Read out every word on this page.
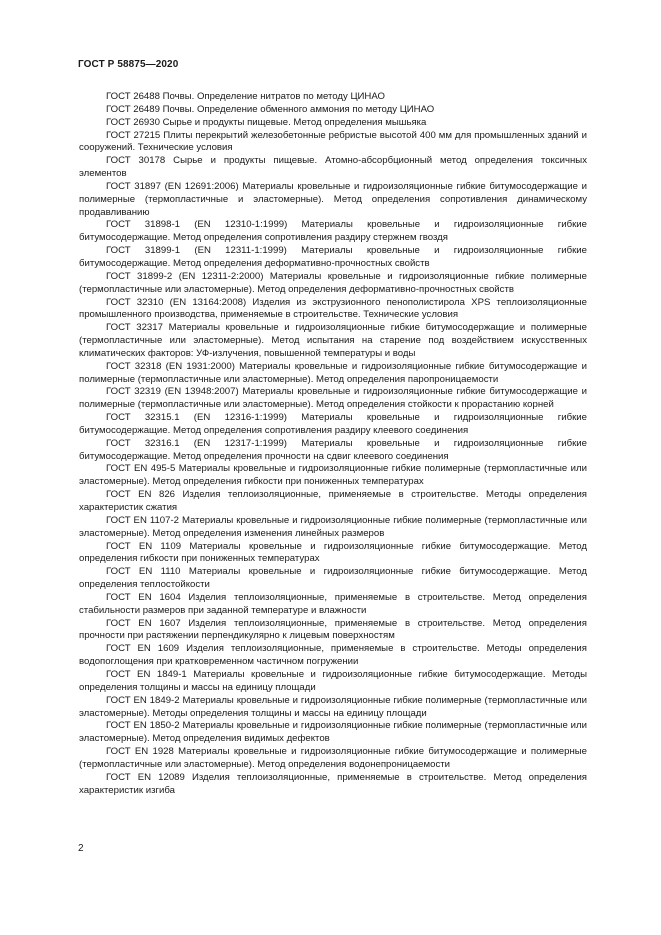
ГОСТ Р 58875—2020
ГОСТ 26488 Почвы. Определение нитратов по методу ЦИНАО
ГОСТ 26489 Почвы. Определение обменного аммония по методу ЦИНАО
ГОСТ 26930 Сырье и продукты пищевые. Метод определения мышьяка
ГОСТ 27215 Плиты перекрытий железобетонные ребристые высотой 400 мм для промышленных зданий и сооружений. Технические условия
ГОСТ 30178 Сырье и продукты пищевые. Атомно-абсорбционный метод определения токсичных элементов
ГОСТ 31897 (EN 12691:2006) Материалы кровельные и гидроизоляционные гибкие битумосодержащие и полимерные (термопластичные и эластомерные). Метод определения сопротивления динамическому продавливанию
ГОСТ 31898-1 (EN 12310-1:1999) Материалы кровельные и гидроизоляционные гибкие битумосодержащие. Метод определения сопротивления раздиру стержнем гвоздя
ГОСТ 31899-1 (EN 12311-1:1999) Материалы кровельные и гидроизоляционные гибкие битумосодержащие. Метод определения деформативно-прочностных свойств
ГОСТ 31899-2 (EN 12311-2:2000) Материалы кровельные и гидроизоляционные гибкие полимерные (термопластичные или эластомерные). Метод определения деформативно-прочностных свойств
ГОСТ 32310 (EN 13164:2008) Изделия из экструзионного пенополистирола XPS теплоизоляционные промышленного производства, применяемые в строительстве. Технические условия
ГОСТ 32317 Материалы кровельные и гидроизоляционные гибкие битумосодержащие и полимерные (термопластичные или эластомерные). Метод испытания на старение под воздействием искусственных климатических факторов: УФ-излучения, повышенной температуры и воды
ГОСТ 32318 (EN 1931:2000) Материалы кровельные и гидроизоляционные гибкие битумосодержащие и полимерные (термопластичные или эластомерные). Метод определения паропроницаемости
ГОСТ 32319 (EN 13948:2007) Материалы кровельные и гидроизоляционные гибкие битумосодержащие и полимерные (термопластичные или эластомерные). Метод определения стойкости к прорастанию корней
ГОСТ 32315.1 (EN 12316-1:1999) Материалы кровельные и гидроизоляционные гибкие битумосодержащие. Метод определения сопротивления раздиру клеевого соединения
ГОСТ 32316.1 (EN 12317-1:1999) Материалы кровельные и гидроизоляционные гибкие битумосодержащие. Метод определения прочности на сдвиг клеевого соединения
ГОСТ EN 495-5 Материалы кровельные и гидроизоляционные гибкие полимерные (термопластичные или эластомерные). Метод определения гибкости при пониженных температурах
ГОСТ EN 826 Изделия теплоизоляционные, применяемые в строительстве. Методы определения характеристик сжатия
ГОСТ EN 1107-2 Материалы кровельные и гидроизоляционные гибкие полимерные (термопластичные или эластомерные). Метод определения изменения линейных размеров
ГОСТ EN 1109 Материалы кровельные и гидроизоляционные гибкие битумосодержащие. Метод определения гибкости при пониженных температурах
ГОСТ EN 1110 Материалы кровельные и гидроизоляционные гибкие битумосодержащие. Метод определения теплостойкости
ГОСТ EN 1604 Изделия теплоизоляционные, применяемые в строительстве. Метод определения стабильности размеров при заданной температуре и влажности
ГОСТ EN 1607 Изделия теплоизоляционные, применяемые в строительстве. Метод определения прочности при растяжении перпендикулярно к лицевым поверхностям
ГОСТ EN 1609 Изделия теплоизоляционные, применяемые в строительстве. Методы определения водопоглощения при кратковременном частичном погружении
ГОСТ EN 1849-1 Материалы кровельные и гидроизоляционные гибкие битумосодержащие. Методы определения толщины и массы на единицу площади
ГОСТ EN 1849-2 Материалы кровельные и гидроизоляционные гибкие полимерные (термопластичные или эластомерные). Методы определения толщины и массы на единицу площади
ГОСТ EN 1850-2 Материалы кровельные и гидроизоляционные гибкие полимерные (термопластичные или эластомерные). Метод определения видимых дефектов
ГОСТ EN 1928 Материалы кровельные и гидроизоляционные гибкие битумосодержащие и полимерные (термопластичные или эластомерные). Метод определения водонепроницаемости
ГОСТ EN 12089 Изделия теплоизоляционные, применяемые в строительстве. Метод определения характеристик изгиба
2
